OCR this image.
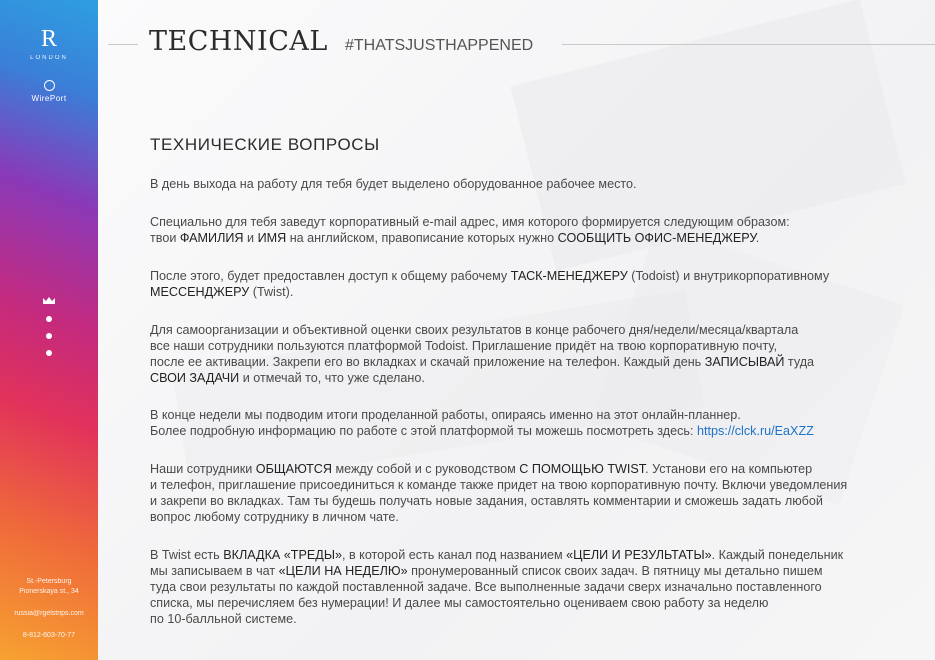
R
LONDON
WirePort
St.-Petersburg
Pionerskaya st., 34
russia@rgelstrips.com
8-812-603-70-77
TECHNICAL #THATSJUSTHAPPENED
ТЕХНИЧЕСКИЕ ВОПРОСЫ

В день выхода на работу для тебя будет выделено оборудованное рабочее место.

Специально для тебя заведут корпоративный e-mail адрес, имя которого формируется следующим образом:
твои ФАМИЛИЯ и ИМЯ на английском, правописание которых нужно СООБЩИТЬ ОФИС-МЕНЕДЖЕРУ.

После этого, будет предоставлен доступ к общему рабочему ТАСК-МЕНЕДЖЕРУ (Todoist) и внутрикорпоративному
МЕССЕНДЖЕРУ (Twist).

Для самоорганизации и объективной оценки своих результатов в конце рабочего дня/недели/месяца/квартала
все наши сотрудники пользуются платформой Todoist. Приглашение придёт на твою корпоративную почту,
после ее активации. Закрепи его во вкладках и скачай приложение на телефон. Каждый день ЗАПИСЫВАЙ туда
СВОИ ЗАДАЧИ и отмечай то, что уже сделано.

В конце недели мы подводим итоги проделанной работы, опираясь именно на этот онлайн-планнер.
Более подробную информацию по работе с этой платформой ты можешь посмотреть здесь: https://clck.ru/EaXZZ

Наши сотрудники ОБЩАЮТСЯ между собой и с руководством С ПОМОЩЬЮ TWIST. Установи его на компьютер
и телефон, приглашение присоединиться к команде также придет на твою корпоративную почту. Включи уведомления
и закрепи во вкладках. Там ты будешь получать новые задания, оставлять комментарии и сможешь задать любой
вопрос любому сотруднику в личном чате.

В Twist есть ВКЛАДКА «ТРЕДЫ», в которой есть канал под названием «ЦЕЛИ И РЕЗУЛЬТАТЫ». Каждый понедельник
мы записываем в чат «ЦЕЛИ НА НЕДЕЛЮ» пронумерованный список своих задач. В пятницу мы детально пишем
туда свои результаты по каждой поставленной задаче. Все выполненные задачи сверх изначально поставленного
списка, мы перечисляем без нумерации! И далее мы самостоятельно оцениваем свою работу за неделю
по 10-балльной системе.
